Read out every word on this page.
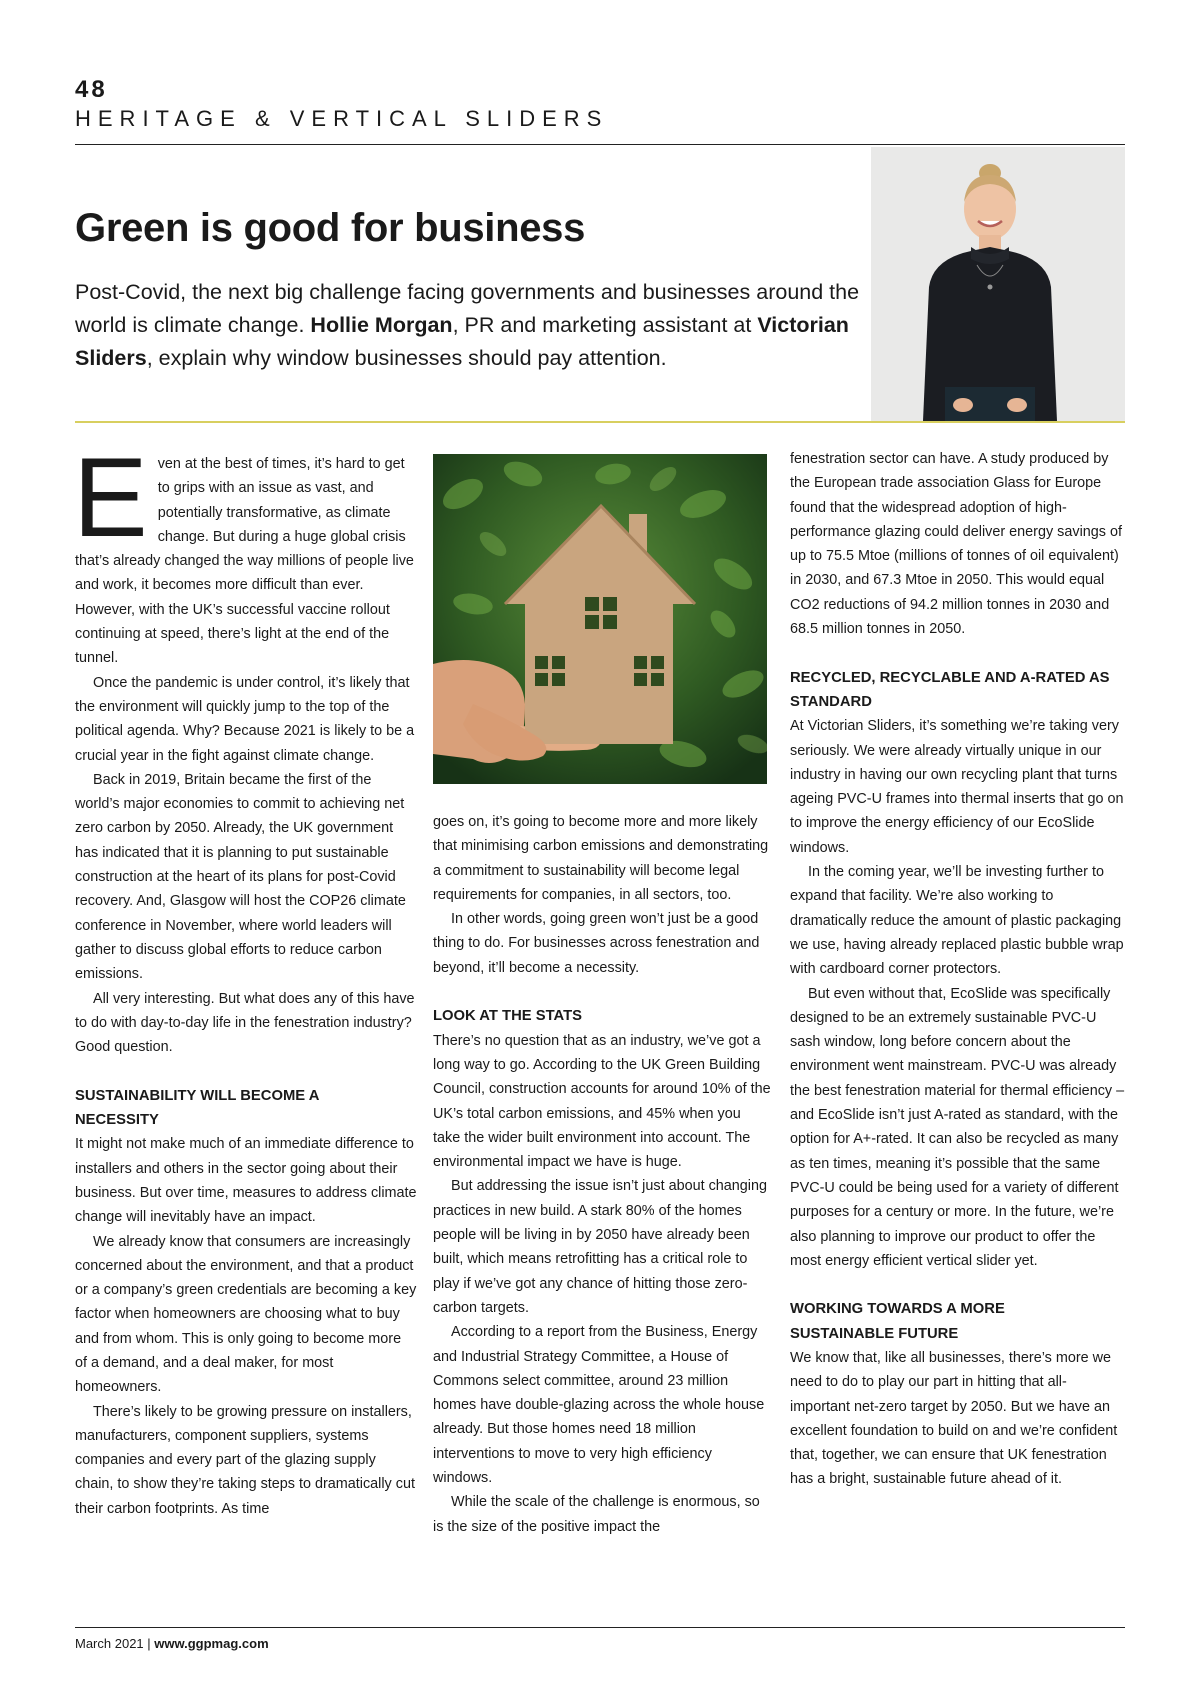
48
HERITAGE & VERTICAL SLIDERS
Green is good for business

Post-Covid, the next big challenge facing governments and businesses around the world is climate change. Hollie Morgan, PR and marketing assistant at Victorian Sliders, explain why window businesses should pay attention.

E ven at the best of times, it’s hard to get to grips with an issue as vast, and potentially transformative, as climate change. But during a huge global crisis that’s already changed the way millions of people live and work, it becomes more difficult than ever. However, with the UK’s successful vaccine rollout continuing at speed, there’s light at the end of the tunnel.

Once the pandemic is under control, it’s likely that the environment will quickly jump to the top of the political agenda. Why? Because 2021 is likely to be a crucial year in the fight against climate change.

Back in 2019, Britain became the first of the world’s major economies to commit to achieving net zero carbon by 2050. Already, the UK government has indicated that it is planning to put sustainable construction at the heart of its plans for post-Covid recovery. And, Glasgow will host the COP26 climate conference in November, where world leaders will gather to discuss global efforts to reduce carbon emissions.

All very interesting. But what does any of this have to do with day-to-day life in the fenestration industry? Good question.

SUSTAINABILITY WILL BECOME A NECESSITY

It might not make much of an immediate difference to installers and others in the sector going about their business. But over time, measures to address climate change will inevitably have an impact.

We already know that consumers are increasingly concerned about the environment, and that a product or a company’s green credentials are becoming a key factor when homeowners are choosing what to buy and from whom. This is only going to become more of a demand, and a deal maker, for most homeowners.

There’s likely to be growing pressure on installers, manufacturers, component suppliers, systems companies and every part of the glazing supply chain, to show they’re taking steps to dramatically cut their carbon footprints. As time

goes on, it’s going to become more and more likely that minimising carbon emissions and demonstrating a commitment to sustainability will become legal requirements for companies, in all sectors, too.

In other words, going green won’t just be a good thing to do. For businesses across fenestration and beyond, it’ll become a necessity.

LOOK AT THE STATS

There’s no question that as an industry, we’ve got a long way to go. According to the UK Green Building Council, construction accounts for around 10% of the UK’s total carbon emissions, and 45% when you take the wider built environment into account. The environmental impact we have is huge.

But addressing the issue isn’t just about changing practices in new build. A stark 80% of the homes people will be living in by 2050 have already been built, which means retrofitting has a critical role to play if we’ve got any chance of hitting those zero-carbon targets.

According to a report from the Business, Energy and Industrial Strategy Committee, a House of Commons select committee, around 23 million homes have double-glazing across the whole house already. But those homes need 18 million interventions to move to very high efficiency windows.

While the scale of the challenge is enormous, so is the size of the positive impact the

fenestration sector can have. A study produced by the European trade association Glass for Europe found that the widespread adoption of high-performance glazing could deliver energy savings of up to 75.5 Mtoe (millions of tonnes of oil equivalent) in 2030, and 67.3 Mtoe in 2050. This would equal CO2 reductions of 94.2 million tonnes in 2030 and 68.5 million tonnes in 2050.

RECYCLED, RECYCLABLE AND A-RATED AS STANDARD

At Victorian Sliders, it’s something we’re taking very seriously. We were already virtually unique in our industry in having our own recycling plant that turns ageing PVC-U frames into thermal inserts that go on to improve the energy efficiency of our EcoSlide windows.

In the coming year, we’ll be investing further to expand that facility. We’re also working to dramatically reduce the amount of plastic packaging we use, having already replaced plastic bubble wrap with cardboard corner protectors.

But even without that, EcoSlide was specifically designed to be an extremely sustainable PVC-U sash window, long before concern about the environment went mainstream. PVC-U was already the best fenestration material for thermal efficiency – and EcoSlide isn’t just A-rated as standard, with the option for A+-rated. It can also be recycled as many as ten times, meaning it’s possible that the same PVC-U could be being used for a variety of different purposes for a century or more. In the future, we’re also planning to improve our product to offer the most energy efficient vertical slider yet.

WORKING TOWARDS A MORE SUSTAINABLE FUTURE

We know that, like all businesses, there’s more we need to do to play our part in hitting that all-important net-zero target by 2050. But we have an excellent foundation to build on and we’re confident that, together, we can ensure that UK fenestration has a bright, sustainable future ahead of it.

March 2021 | www.ggpmag.com
